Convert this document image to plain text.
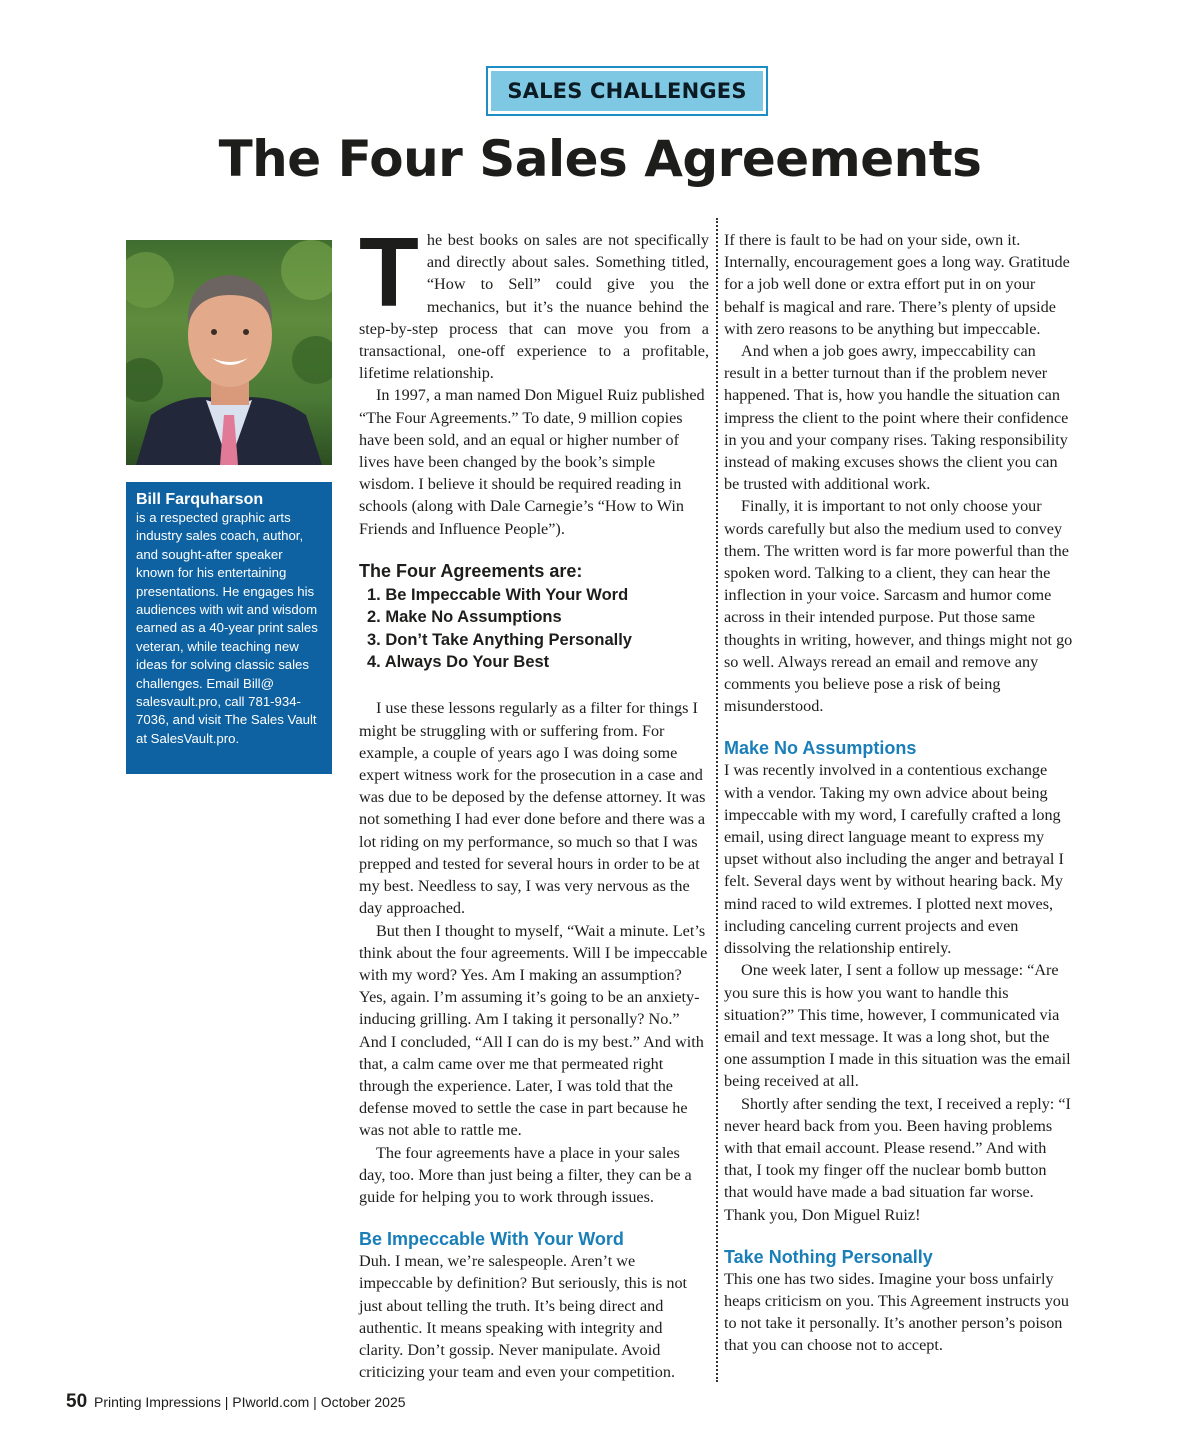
SALES CHALLENGES
The Four Sales Agreements
Bill Farquharson
is a respected graphic arts industry sales coach, author, and sought-after speaker known for his entertaining presentations. He engages his audiences with wit and wisdom earned as a 40-year print sales veteran, while teaching new ideas for solving classic sales challenges. Email Bill@ salesvault.pro, call 781-934-7036, and visit The Sales Vault at SalesVault.pro.
T he best books on sales are not specifically and directly about sales. Something titled, “How to Sell” could give you the mechanics, but it’s the nuance behind the step-by-step process that can move you from a transactional, one-off experience to a profitable, lifetime relationship.

In 1997, a man named Don Miguel Ruiz published “The Four Agreements.” To date, 9 million copies have been sold, and an equal or higher number of lives have been changed by the book’s simple wisdom. I believe it should be required reading in schools (along with Dale Carnegie’s “How to Win Friends and Influence People”).

The Four Agreements are:
1. Be Impeccable With Your Word
2. Make No Assumptions
3. Don’t Take Anything Personally
4. Always Do Your Best

I use these lessons regularly as a filter for things I might be struggling with or suffering from. For example, a couple of years ago I was doing some expert witness work for the prosecution in a case and was due to be deposed by the defense attorney. It was not something I had ever done before and there was a lot riding on my performance, so much so that I was prepped and tested for several hours in order to be at my best. Needless to say, I was very nervous as the day approached.

But then I thought to myself, “Wait a minute. Let’s think about the four agreements. Will I be impeccable with my word? Yes. Am I making an assumption? Yes, again. I’m assuming it’s going to be an anxiety-inducing grilling. Am I taking it personally? No.” And I concluded, “All I can do is my best.” And with that, a calm came over me that permeated right through the experience. Later, I was told that the defense moved to settle the case in part because he was not able to rattle me.

The four agreements have a place in your sales day, too. More than just being a filter, they can be a guide for helping you to work through issues.

Be Impeccable With Your Word

Duh. I mean, we’re salespeople. Aren’t we impeccable by definition? But seriously, this is not just about telling the truth. It’s being direct and authentic. It means speaking with integrity and clarity. Don’t gossip. Never manipulate. Avoid criticizing your team and even your competition.

If there is fault to be had on your side, own it. Internally, encouragement goes a long way. Gratitude for a job well done or extra effort put in on your behalf is magical and rare. There’s plenty of upside with zero reasons to be anything but impeccable.

And when a job goes awry, impeccability can result in a better turnout than if the problem never happened. That is, how you handle the situation can impress the client to the point where their confidence in you and your company rises. Taking responsibility instead of making excuses shows the client you can be trusted with additional work.

Finally, it is important to not only choose your words carefully but also the medium used to convey them. The written word is far more powerful than the spoken word. Talking to a client, they can hear the inflection in your voice. Sarcasm and humor come across in their intended purpose. Put those same thoughts in writing, however, and things might not go so well. Always reread an email and remove any comments you believe pose a risk of being misunderstood.

Make No Assumptions

I was recently involved in a contentious exchange with a vendor. Taking my own advice about being impeccable with my word, I carefully crafted a long email, using direct language meant to express my upset without also including the anger and betrayal I felt. Several days went by without hearing back. My mind raced to wild extremes. I plotted next moves, including canceling current projects and even dissolving the relationship entirely.

One week later, I sent a follow up message: “Are you sure this is how you want to handle this situation?” This time, however, I communicated via email and text message. It was a long shot, but the one assumption I made in this situation was the email being received at all.

Shortly after sending the text, I received a reply: “I never heard back from you. Been having problems with that email account. Please resend.” And with that, I took my finger off the nuclear bomb button that would have made a bad situation far worse. Thank you, Don Miguel Ruiz!

Take Nothing Personally

This one has two sides. Imagine your boss unfairly heaps criticism on you. This Agreement instructs you to not take it personally. It’s another person’s poison that you can choose not to accept.

50 Printing Impressions | PIworld.com | October 2025
